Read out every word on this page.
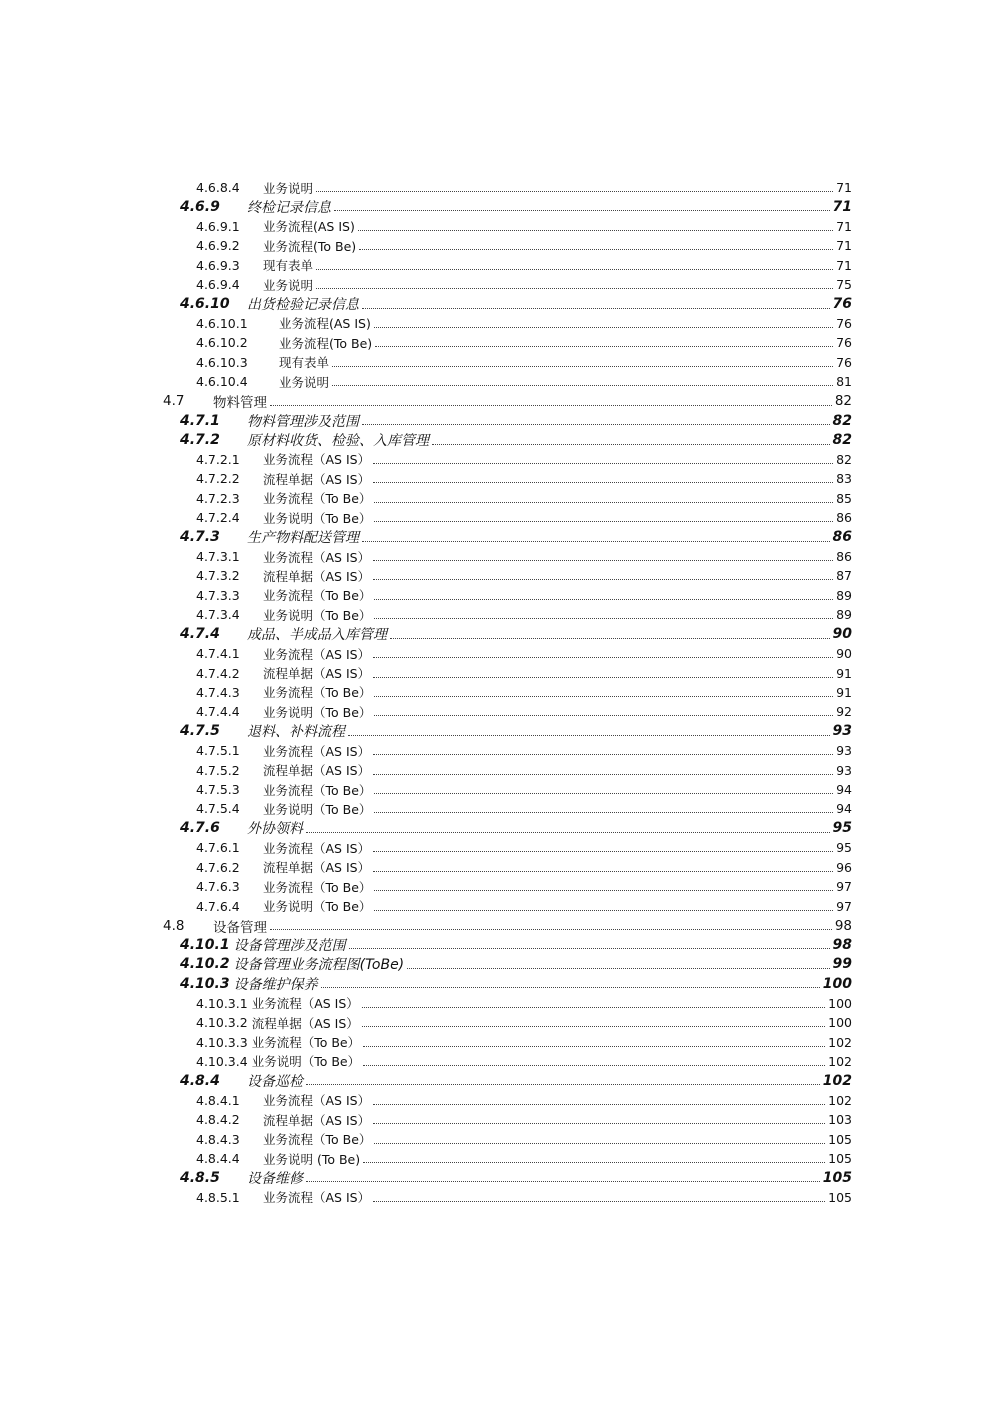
4.6.8.4	业务说明	71
4.6.9	终检记录信息	71
4.6.9.1	业务流程(AS IS)	71
4.6.9.2	业务流程(To Be)	71
4.6.9.3	现有表单	71
4.6.9.4	业务说明	75
4.6.10	出货检验记录信息	76
4.6.10.1	业务流程(AS IS)	76
4.6.10.2	业务流程(To Be)	76
4.6.10.3	现有表单	76
4.6.10.4	业务说明	81
4.7	物料管理	82
4.7.1	物料管理涉及范围	82
4.7.2	原材料收货、检验、入库管理	82
4.7.2.1	业务流程（AS IS）	82
4.7.2.2	流程单据（AS IS）	83
4.7.2.3	业务流程（To Be）	85
4.7.2.4	业务说明（To Be）	86
4.7.3	生产物料配送管理	86
4.7.3.1	业务流程（AS IS）	86
4.7.3.2	流程单据（AS IS）	87
4.7.3.3	业务流程（To Be）	89
4.7.3.4	业务说明（To Be）	89
4.7.4	成品、半成品入库管理	90
4.7.4.1	业务流程（AS IS）	90
4.7.4.2	流程单据（AS IS）	91
4.7.4.3	业务流程（To Be）	91
4.7.4.4	业务说明（To Be）	92
4.7.5	退料、补料流程	93
4.7.5.1	业务流程（AS IS）	93
4.7.5.2	流程单据（AS IS）	93
4.7.5.3	业务流程（To Be）	94
4.7.5.4	业务说明（To Be）	94
4.7.6	外协领料	95
4.7.6.1	业务流程（AS IS）	95
4.7.6.2	流程单据（AS IS）	96
4.7.6.3	业务流程（To Be）	97
4.7.6.4	业务说明（To Be）	97
4.8	设备管理	98
4.10.1 设备管理涉及范围	98
4.10.2 设备管理业务流程图(ToBe)	99
4.10.3 设备维护保养	100
4.10.3.1 业务流程（AS IS）	100
4.10.3.2 流程单据（AS IS）	100
4.10.3.3 业务流程（To Be）	102
4.10.3.4 业务说明（To Be）	102
4.8.4	设备巡检	102
4.8.4.1	业务流程（AS IS）	102
4.8.4.2	流程单据（AS IS）	103
4.8.4.3	业务流程（To Be）	105
4.8.4.4	业务说明 (To Be)	105
4.8.5	设备维修	105
4.8.5.1	业务流程（AS IS）	105
